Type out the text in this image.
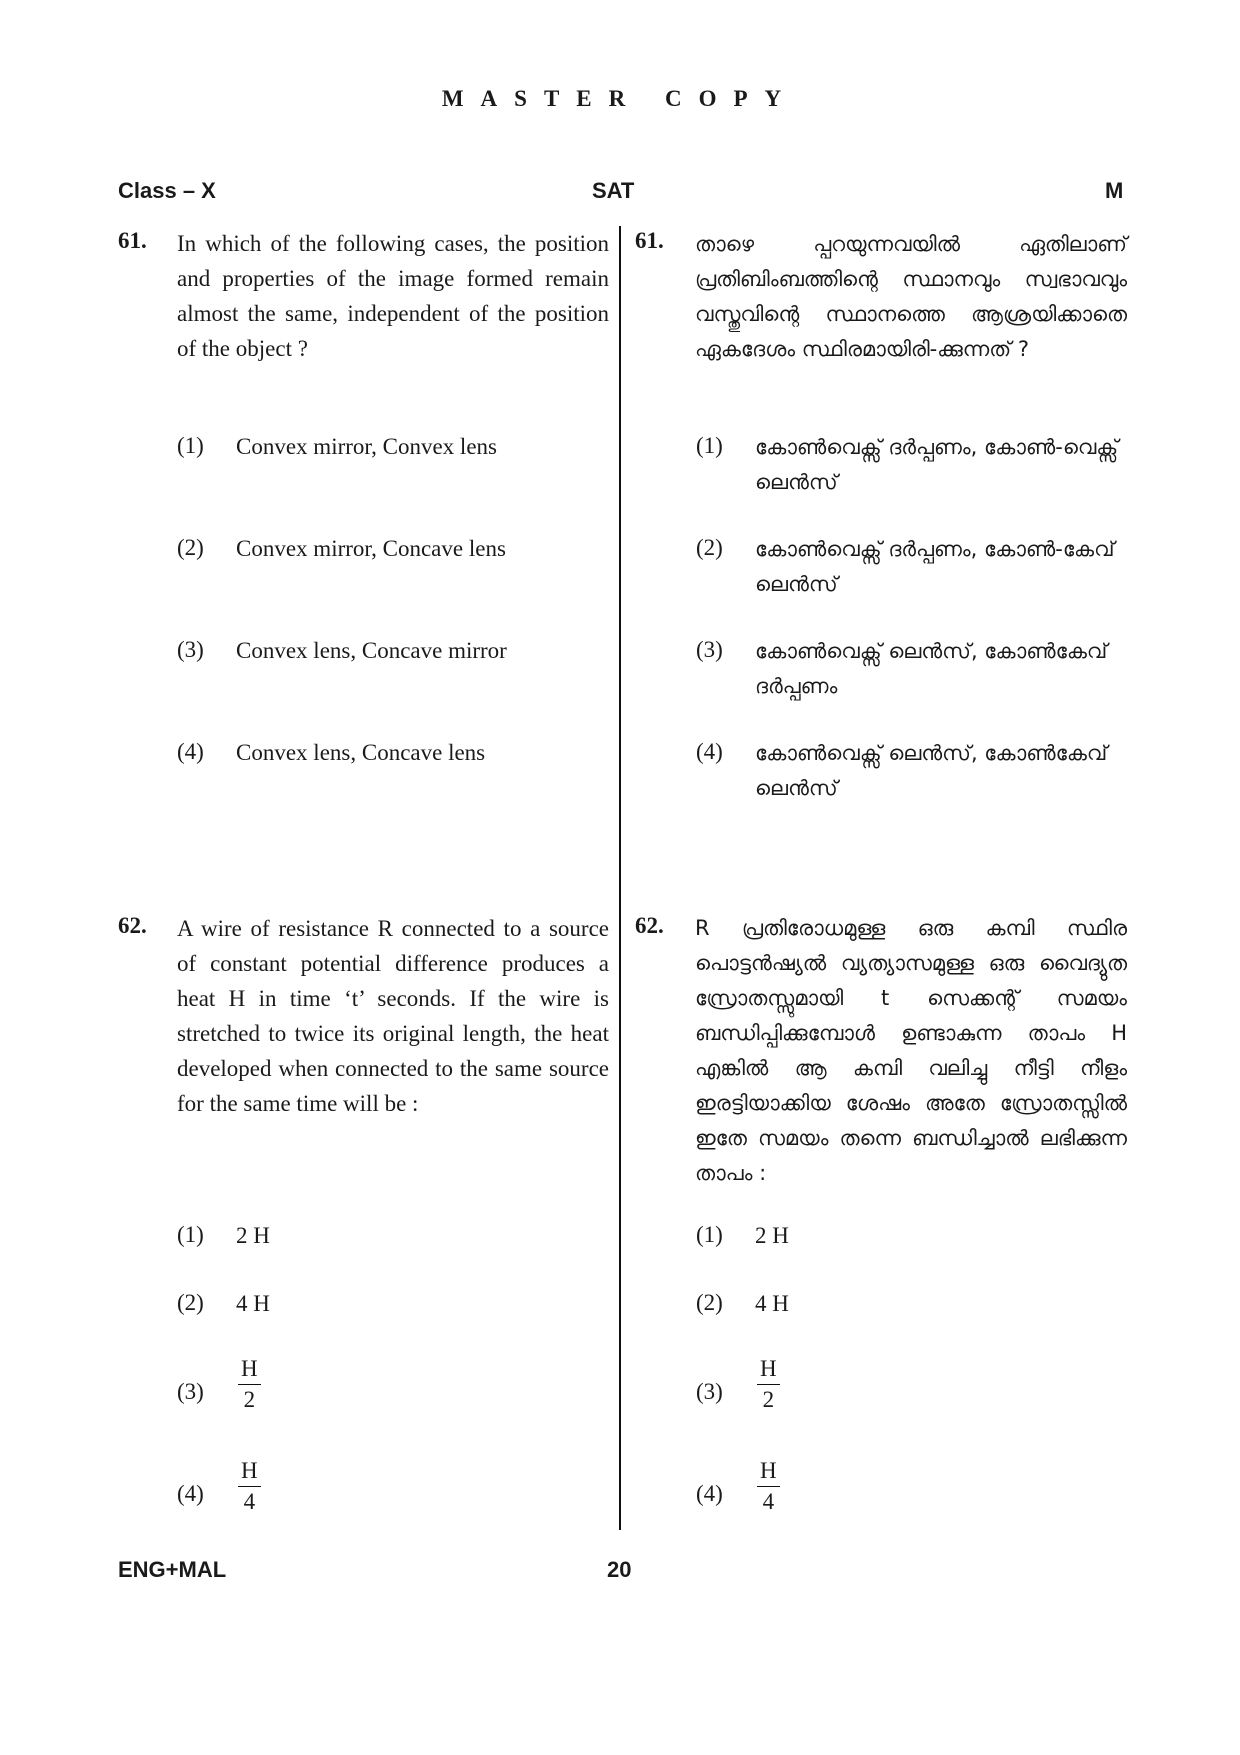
MASTER COPY
Class – X	SAT	M
61. In which of the following cases, the position and properties of the image formed remain almost the same, independent of the position of the object ?
(1) Convex mirror, Convex lens
(2) Convex mirror, Concave lens
(3) Convex lens, Concave mirror
(4) Convex lens, Concave lens
61. താഴെ പ്പറയുന്നവയിൽ ഏതിലാണ് പ്രതിബിംബത്തിന്റെ സ്ഥാനവും സ്വഭാവവും വസ്തുവിന്റെ സ്ഥാനത്തെ ആശ്രയിക്കാതെ ഏകദേശം സ്ഥിരമായിരി-ക്കുന്നത് ?
(1) കോൺവെക്സ് ദർപ്പണം, കോൺ-വെക്സ് ലെൻസ്
(2) കോൺവെക്സ് ദർപ്പണം, കോൺ-കേവ് ലെൻസ്
(3) കോൺവെക്സ് ലെൻസ്, കോൺകേവ് ദർപ്പണം
(4) കോൺവെക്സ് ലെൻസ്, കോൺകേവ് ലെൻസ്
62. A wire of resistance R connected to a source of constant potential difference produces a heat H in time ‘t’ seconds. If the wire is stretched to twice its original length, the heat developed when connected to the same source for the same time will be :
(1) 2 H
(2) 4 H
$(3) \frac{H}{2}$
$(4) \frac{H}{4}$
62. R പ്രതിരോധമുള്ള ഒരു കമ്പി സ്ഥിര പൊട്ടൻഷ്യൽ വ്യത്യാസമുള്ള ഒരു വൈദ്യുത സ്രോതസ്സുമായി t സെക്കന്റ് സമയം ബന്ധിപ്പിക്കുമ്പോൾ ഉണ്ടാകുന്ന താപം H എങ്കിൽ ആ കമ്പി വലിച്ചു നീട്ടി നീളം ഇരട്ടിയാക്കിയ ശേഷം അതേ സ്രോതസ്സിൽ ഇതേ സമയം തന്നെ ബന്ധിച്ചാൽ ലഭിക്കുന്ന താപം :
(1) 2 H
(2) 4 H
$(3) \frac{H}{2}$
$(4) \frac{H}{4}$
ENG+MAL	20
